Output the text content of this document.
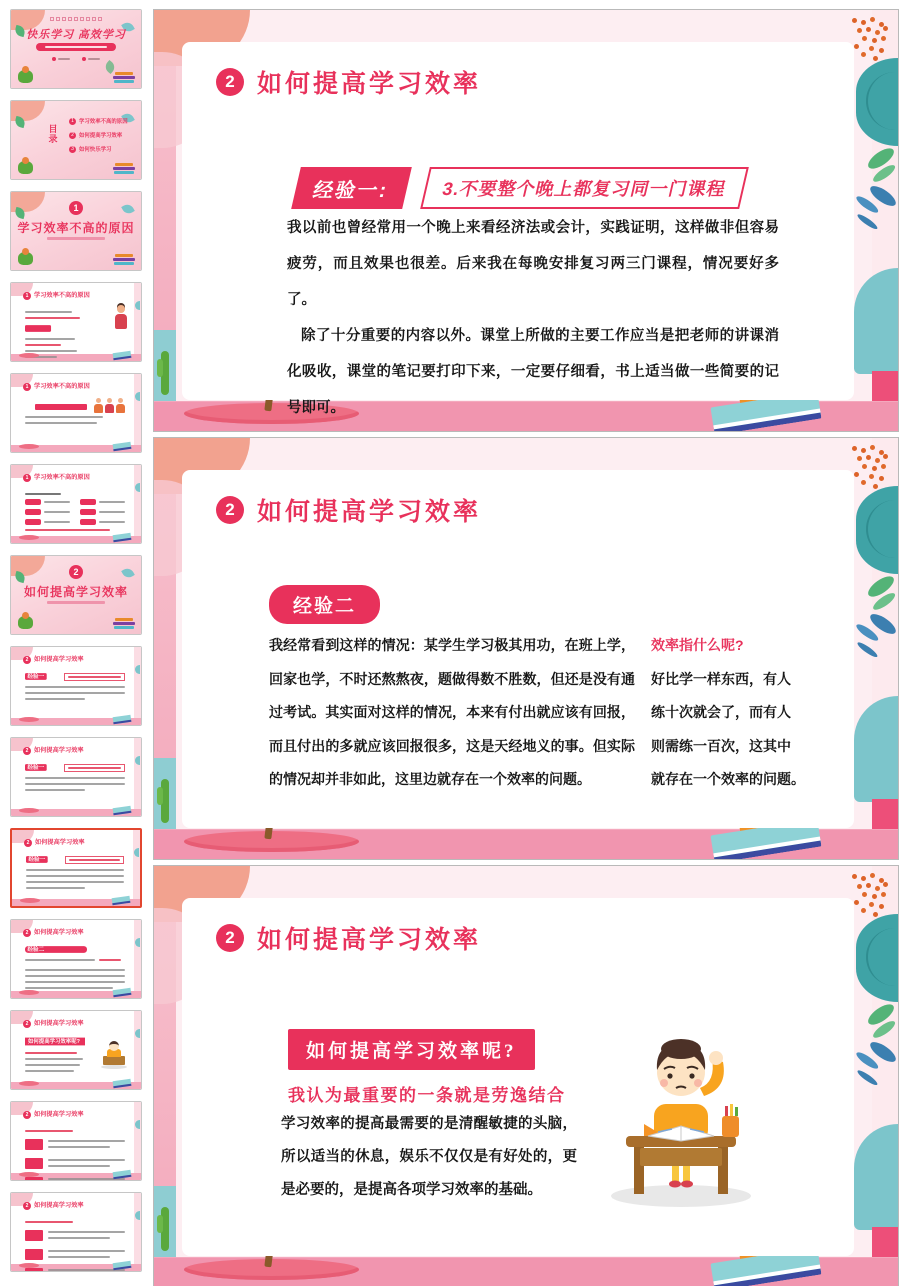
快乐学习 高效学习
目
录
1 学习效率不高的原因
2 如何提高学习效率
3 如何快乐学习
1
学习效率不高的原因
1 学习效率不高的原因
1 学习效率不高的原因
1 学习效率不高的原因
2
如何提高学习效率
2 如何提高学习效率
经验一
2 如何提高学习效率
经验一
2 如何提高学习效率
经验一
2 如何提高学习效率
经验二
2 如何提高学习效率
如何提高学习效率呢?
2 如何提高学习效率
2 如何提高学习效率
2 如何提高学习效率
经验一:	3.不要整个晚上都复习同一门课程

我以前也曾经常用一个晚上来看经济法或会计，实践证明，这样做非但容易疲劳，而且效果也很差。后来我在每晚安排复习两三门课程，情况要好多了。

除了十分重要的内容以外。课堂上所做的主要工作应当是把老师的讲课消化吸收，课堂的笔记要打印下来，一定要仔细看，书上适当做一些简要的记号即可。

2 如何提高学习效率
经验二
我经常看到这样的情况：某学生学习极其用功，在班上学，回家也学，不时还熬熬夜，题做得数不胜数，但还是没有通过考试。其实面对这样的情况，本来有付出就应该有回报，而且付出的多就应该回报很多，这是天经地义的事。但实际的情况却并非如此，这里边就存在一个效率的问题。
效率指什么呢?
好比学一样东西，有人
练十次就会了，而有人
则需练一百次，这其中
就存在一个效率的问题。
2 如何提高学习效率
如何提高学习效率呢?
我认为最重要的一条就是劳逸结合
学习效率的提高最需要的是清醒敏捷的头脑，所以适当的休息，娱乐不仅仅是有好处的，更是必要的，是提高各项学习效率的基础。
